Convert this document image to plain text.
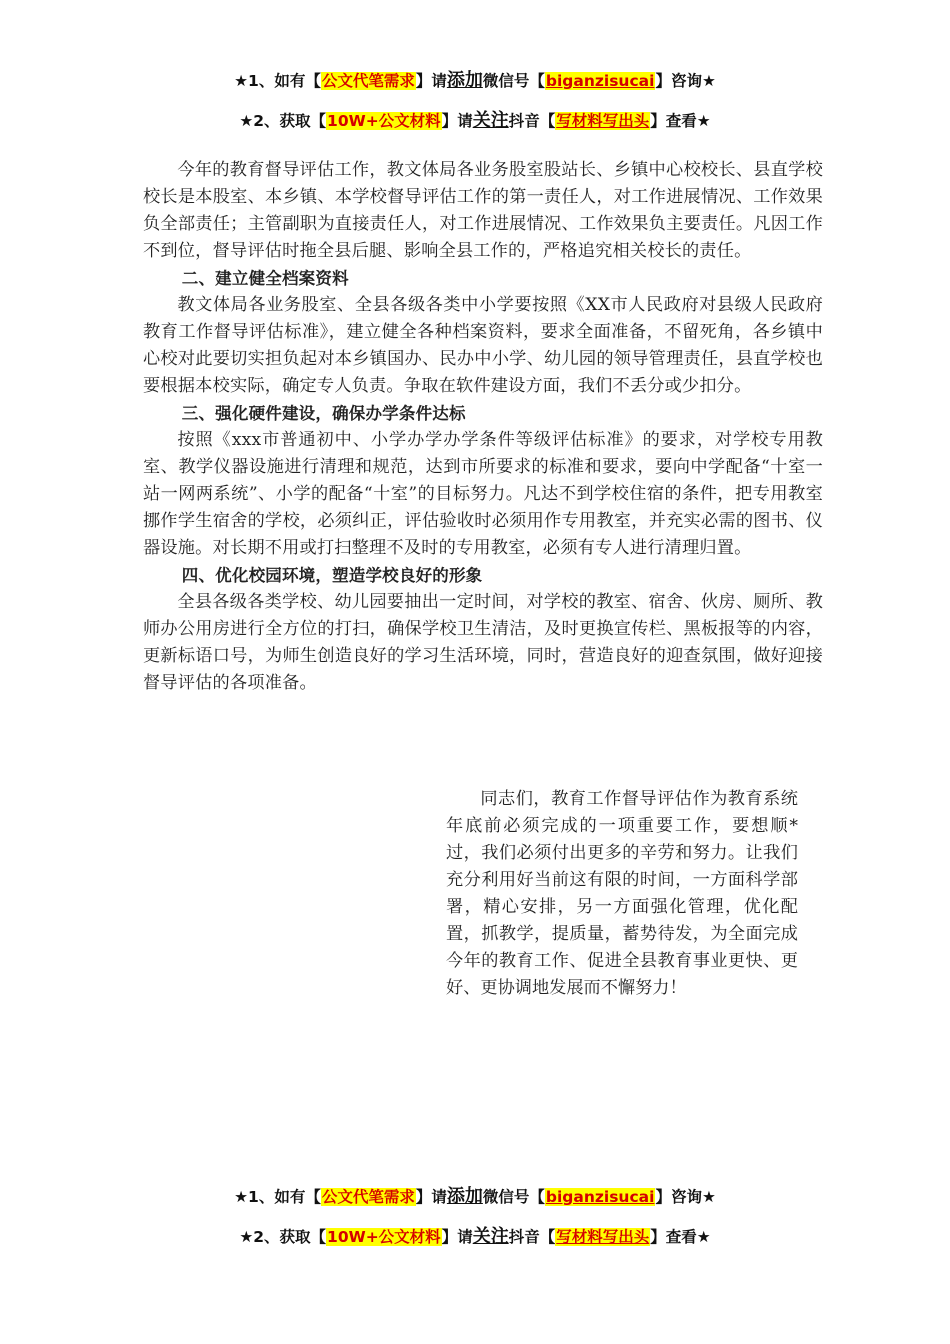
★1、如有【公文代笔需求】请添加微信号【biganzisucai】咨询★
★2、获取【10W+公文材料】请关注抖音【写材料写出头】查看★

今年的教育督导评估工作，教文体局各业务股室股站长、乡镇中心校校长、县直学校校长是本股室、本乡镇、本学校督导评估工作的第一责任人，对工作进展情况、工作效果负全部责任；主管副职为直接责任人，对工作进展情况、工作效果负主要责任。凡因工作不到位，督导评估时拖全县后腿、影响全县工作的，严格追究相关校长的责任。

二、建立健全档案资料

教文体局各业务股室、全县各级各类中小学要按照《XX市人民政府对县级人民政府教育工作督导评估标准》，建立健全各种档案资料，要求全面准备，不留死角，各乡镇中心校对此要切实担负起对本乡镇国办、民办中小学、幼儿园的领导管理责任，县直学校也要根据本校实际，确定专人负责。争取在软件建设方面，我们不丢分或少扣分。

三、强化硬件建设，确保办学条件达标

按照《xxx市普通初中、小学办学办学条件等级评估标准》的要求，对学校专用教室、教学仪器设施进行清理和规范，达到市所要求的标准和要求，要向中学配备“十室一站一网两系统”、小学的配备“十室”的目标努力。凡达不到学校住宿的条件，把专用教室挪作学生宿舍的学校，必须纠正，评估验收时必须用作专用教室，并充实必需的图书、仪器设施。对长期不用或打扫整理不及时的专用教室，必须有专人进行清理归置。

四、优化校园环境，塑造学校良好的形象

全县各级各类学校、幼儿园要抽出一定时间，对学校的教室、宿舍、伙房、厕所、教师办公用房进行全方位的打扫，确保学校卫生清洁，及时更换宣传栏、黑板报等的内容，更新标语口号，为师生创造良好的学习生活环境，同时，营造良好的迎查氛围，做好迎接督导评估的各项准备。

同志们，教育工作督导评估作为教育系统年底前必须完成的一项重要工作，要想顺*过，我们必须付出更多的辛劳和努力。让我们充分利用好当前这有限的时间，一方面科学部署，精心安排，另一方面强化管理，优化配置，抓教学，提质量，蓄势待发，为全面完成今年的教育工作、促进全县教育事业更快、更好、更协调地发展而不懈努力！

★1、如有【公文代笔需求】请添加微信号【biganzisucai】咨询★
★2、获取【10W+公文材料】请关注抖音【写材料写出头】查看★
